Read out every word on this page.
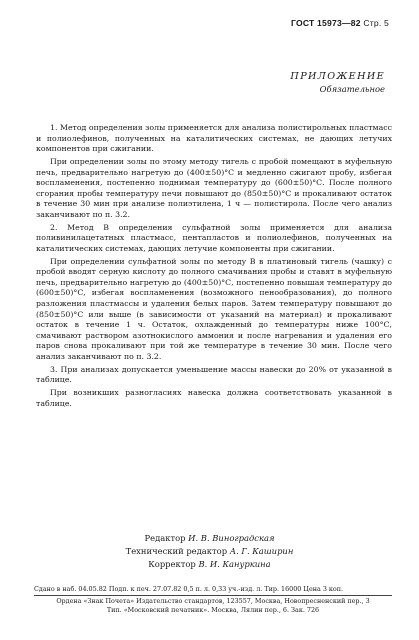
ГОСТ 15973—82 Стр. 5
ПРИЛОЖЕНИЕ
Обязательное

1. Метод определения золы применяется для анализа полистирольных пластмасс и полиолефинов, полученных на каталитических системах, не дающих летучих компонентов при сжигании.

При определении золы по этому методу тигель с пробой помещают в муфельную печь, предварительно нагретую до (400±50)°С и медленно сжигают пробу, избегая воспламенения, постепенно поднимая температуру до (600±50)°С. После полного сгорания пробы температуру печи повышают до (850±50)°С и прокаливают остаток в течение 30 мин при анализе полиэтилена, 1 ч — полистирола. После чего анализ заканчивают по п. 3.2.

2. Метод В определения сульфатной золы применяется для анализа поливинилацетатных пластмасс, пентапластов и полиолефинов, полученных на каталитических системах, дающих летучие компоненты при сжигании.

При определении сульфатной золы по методу В в платиновый тигель (чашку) с пробой вводят серную кислоту до полного смачивания пробы и ставят в муфельную печь, предварительно нагретую до (400±50)°С, постепенно повышая температуру до (600±50)°С, избегая воспламенения (возможного пенообразования), до полного разложения пластмассы и удаления белых паров. Затем температуру повышают до (850±50)°С или выше (в зависимости от указаний на материал) и прокаливают остаток в течение 1 ч. Остаток, охлажденный до температуры ниже 100°С, смачивают раствором азотнокислого аммония и после нагревания и удаления его паров снова прокаливают при той же температуре в течение 30 мин. После чего анализ заканчивают по п. 3.2.

3. При анализах допускается уменьшение массы навески до 20% от указанной в таблице.

При возникших разногласиях навеска должна соответствовать указанной в таблице.

Редактор И. В. Виноградская
Технический редактор А. Г. Каширин
Корректор В. И. Кануркина
Сдано в наб. 04.05.82 Подп. к печ. 27.07.82 0,5 п. л. 0,33 уч.-изд. л. Тир. 16000 Цена 3 коп.
Ордена «Знак Почета» Издательство стандартов, 123557, Москва, Новопресненский пер., 3
Тип. «Московский печатник». Москва, Лялин пер., 6. Зак. 726
